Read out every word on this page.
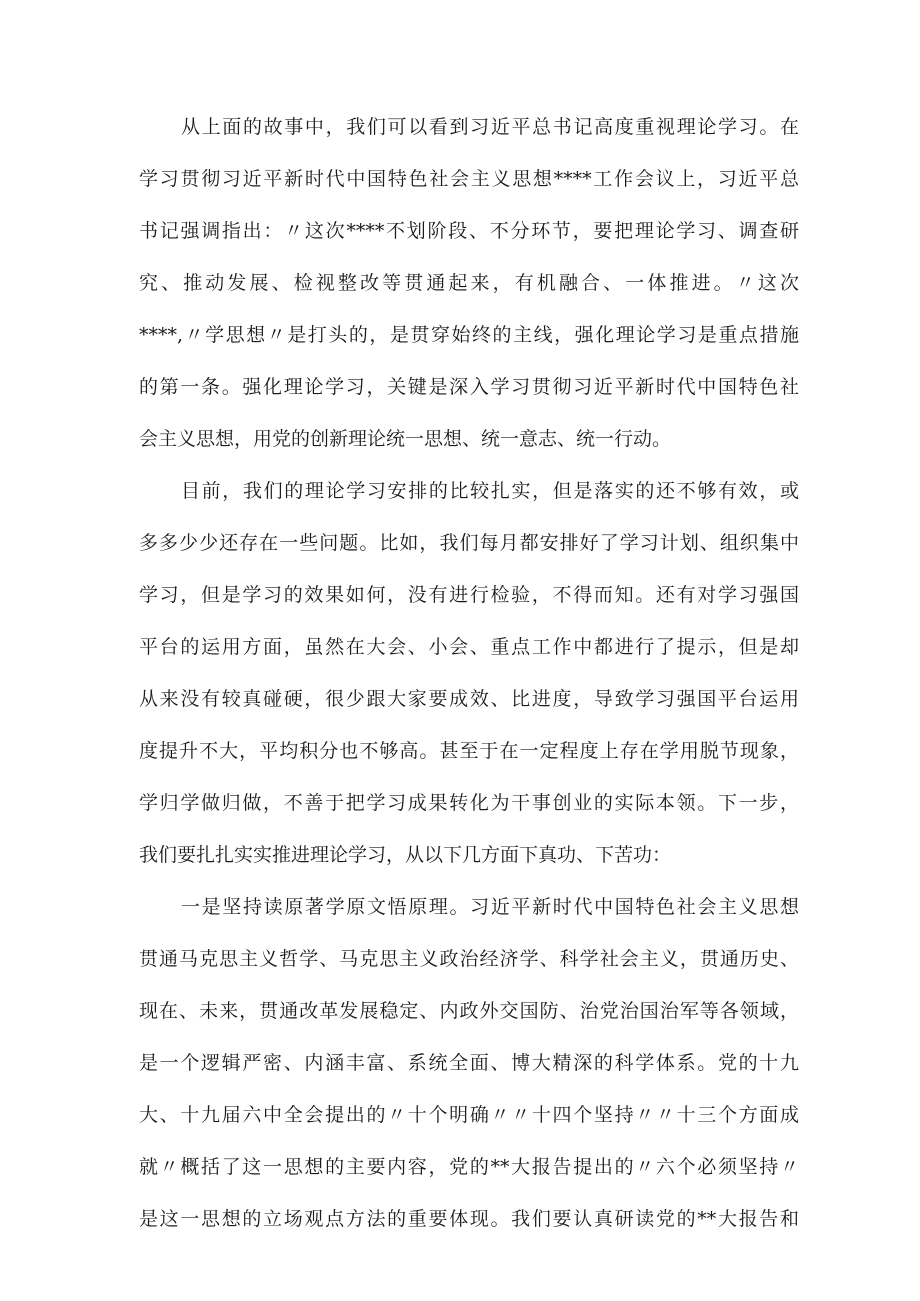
从上面的故事中，我们可以看到习近平总书记高度重视理论学习。在
学习贯彻习近平新时代中国特色社会主义思想****工作会议上，习近平总
书记强调指出：〃这次****不划阶段、不分环节，要把理论学习、调查研
究、推动发展、检视整改等贯通起来，有机融合、一体推进。〃这次
****,〃学思想〃是打头的，是贯穿始终的主线，强化理论学习是重点措施
的第一条。强化理论学习，关键是深入学习贯彻习近平新时代中国特色社
会主义思想，用党的创新理论统一思想、统一意志、统一行动。
目前，我们的理论学习安排的比较扎实，但是落实的还不够有效，或
多多少少还存在一些问题。比如，我们每月都安排好了学习计划、组织集中
学习，但是学习的效果如何，没有进行检验，不得而知。还有对学习强国
平台的运用方面，虽然在大会、小会、重点工作中都进行了提示，但是却
从来没有较真碰硬，很少跟大家要成效、比进度，导致学习强国平台运用
度提升不大，平均积分也不够高。甚至于在一定程度上存在学用脱节现象，
学归学做归做，不善于把学习成果转化为干事创业的实际本领。下一步，
我们要扎扎实实推进理论学习，从以下几方面下真功、下苦功：
一是坚持读原著学原文悟原理。习近平新时代中国特色社会主义思想
贯通马克思主义哲学、马克思主义政治经济学、科学社会主义，贯通历史、
现在、未来，贯通改革发展稳定、内政外交国防、治党治国治军等各领域，
是一个逻辑严密、内涵丰富、系统全面、博大精深的科学体系。党的十九
大、十九届六中全会提出的〃十个明确〃〃十四个坚持〃〃十三个方面成
就〃概括了这一思想的主要内容，党的**大报告提出的〃六个必须坚持〃
是这一思想的立场观点方法的重要体现。我们要认真研读党的**大报告和
